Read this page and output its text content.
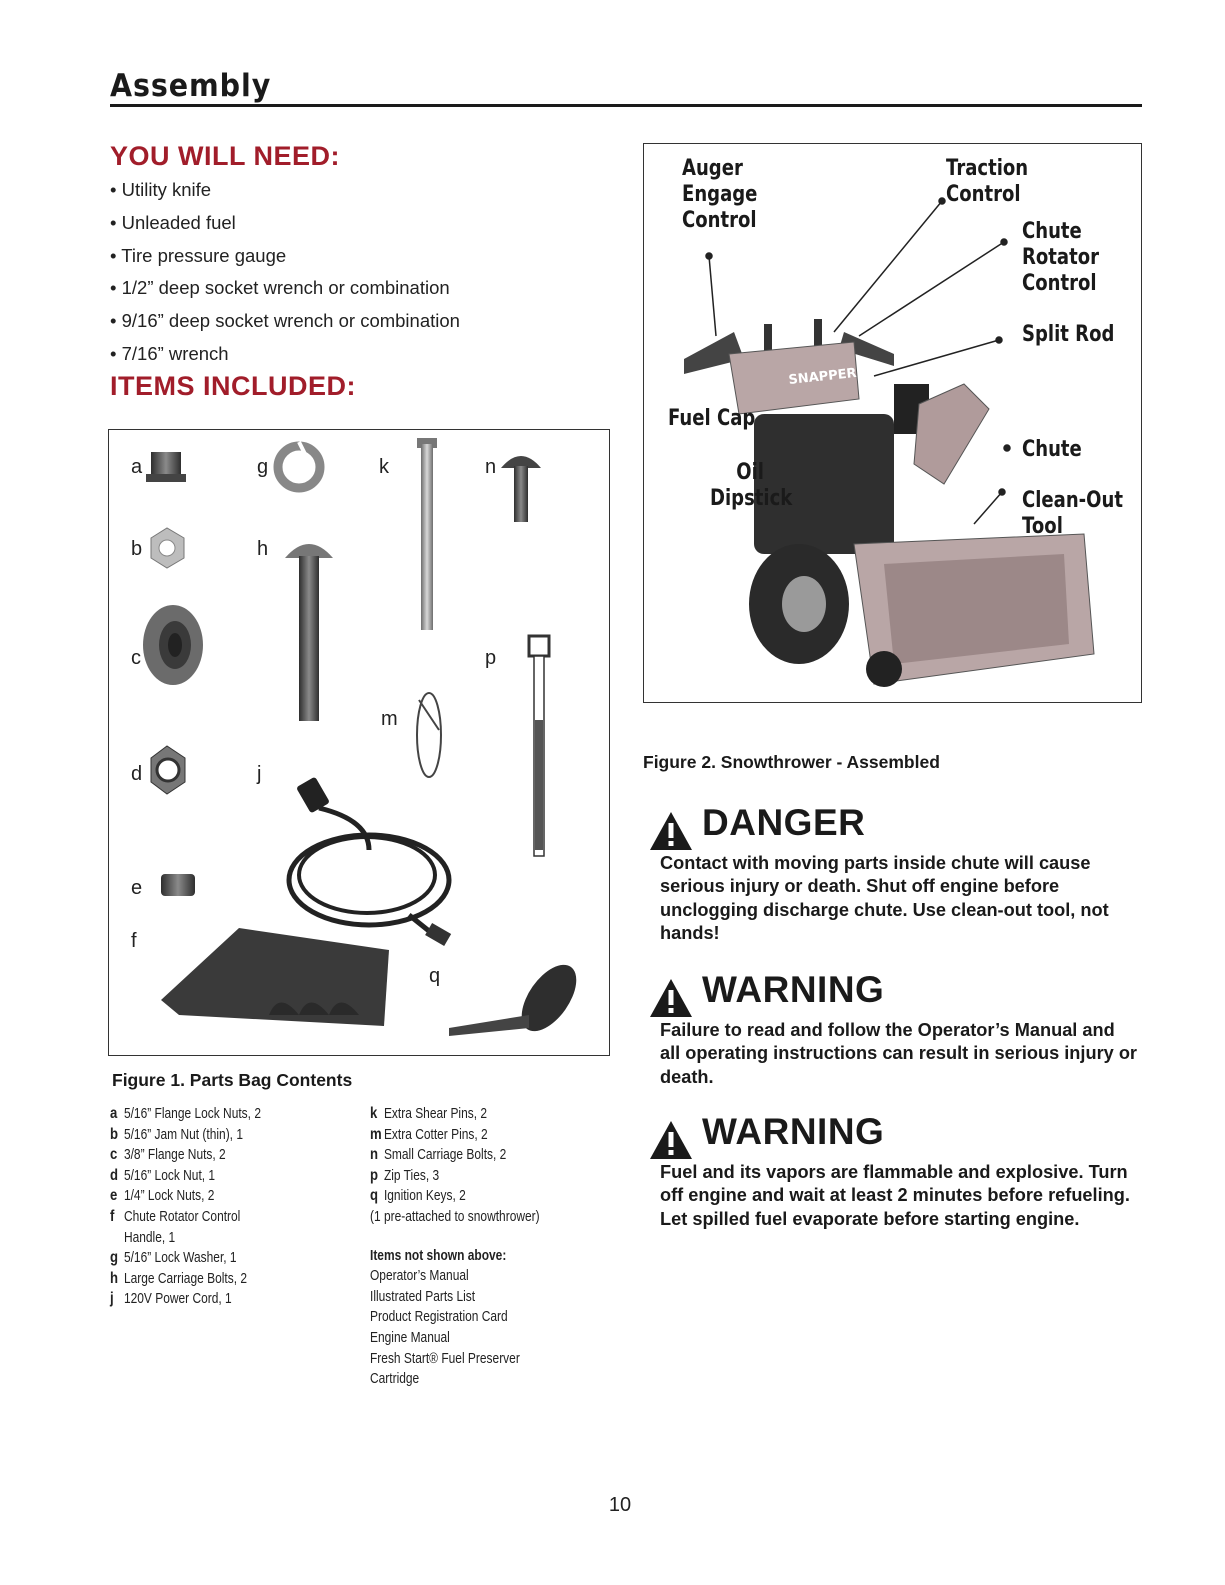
Assembly
YOU WILL NEED:
• Utility knife
• Unleaded fuel
• Tire pressure gauge
• 1/2” deep socket wrench or combination
• 9/16” deep socket wrench or combination
• 7/16” wrench
ITEMS INCLUDED:
a	g	k	n
b	h
c	p
m
d	j
e
f
q
Figure 1. Parts Bag Contents
a 5/16” Flange Lock Nuts, 2
b 5/16” Jam Nut (thin), 1
c 3/8” Flange Nuts, 2
d 5/16” Lock Nut, 1
e 1/4” Lock Nuts, 2
f Chute Rotator Control
Handle, 1
g 5/16” Lock Washer, 1
h Large Carriage Bolts, 2
j 120V Power Cord, 1
k Extra Shear Pins, 2
m Extra Cotter Pins, 2
n Small Carriage Bolts, 2
p Zip Ties, 3
q Ignition Keys, 2
(1 pre-attached to snowthrower)
Items not shown above:
Operator’s Manual
Illustrated Parts List
Product Registration Card
Engine Manual
Fresh Start® Fuel Preserver
Cartridge
SNAPPER
Auger
Engage
Control
Traction
Control
Chute
Rotator
Control
Split Rod
Fuel Cap
Chute
Oil
Dipstick	Clean-Out
Tool
Figure 2. Snowthrower - Assembled
DANGER
Contact with moving parts inside chute will cause serious injury or death. Shut off engine before unclogging discharge chute. Use clean-out tool, not hands!
WARNING
Failure to read and follow the Operator’s Manual and all operating instructions can result in serious injury or death.
WARNING
Fuel and its vapors are flammable and explosive. Turn off engine and wait at least 2 minutes before refueling. Let spilled fuel evaporate before starting engine.
10
